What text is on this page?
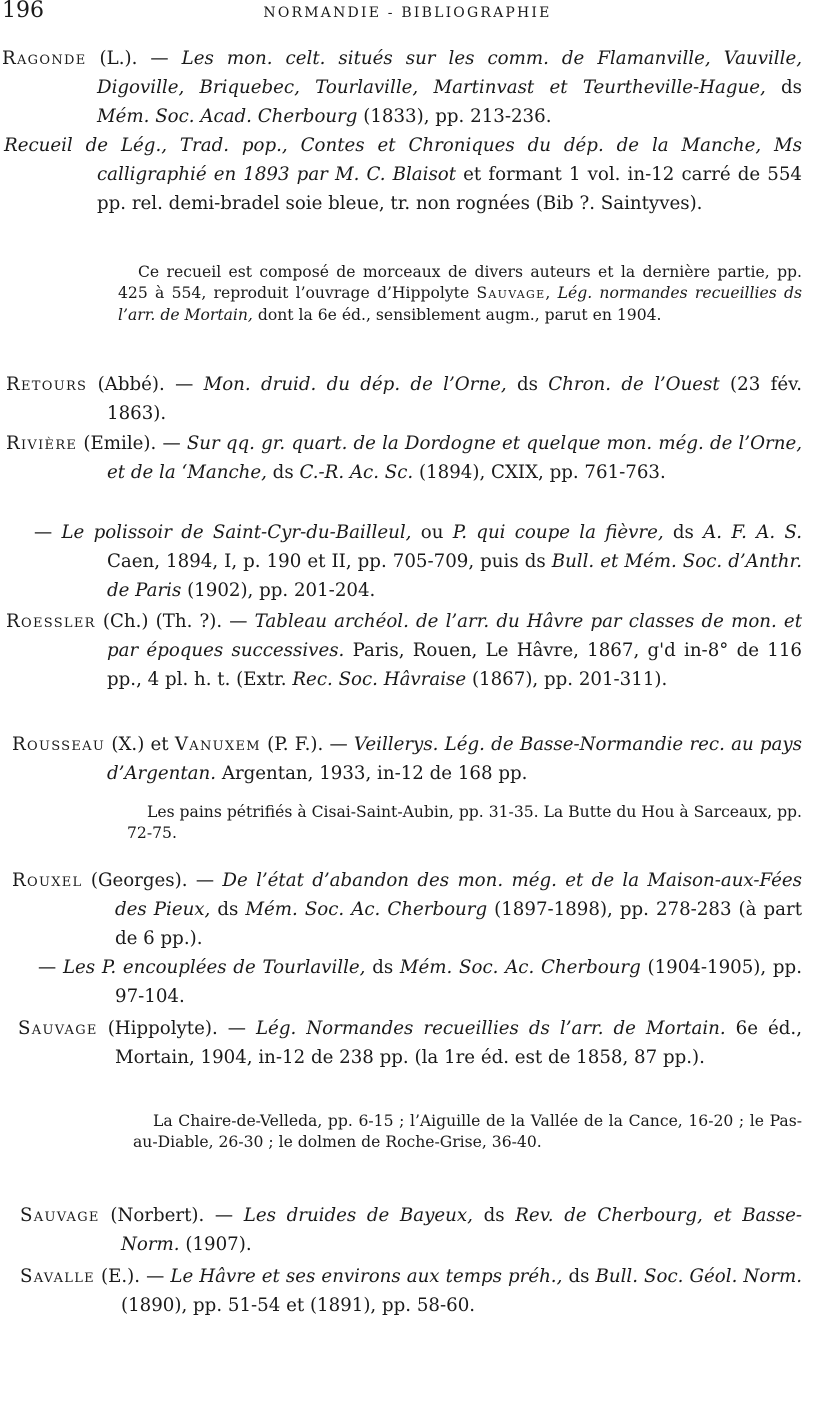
196	NORMANDIE - BIBLIOGRAPHIE
Ragonde (L.). — Les mon. celt. situés sur les comm. de Flamanville, Vauville, Digoville, Briquebec, Tourlaville, Martinvast et Teurtheville-Hague, ds Mém. Soc. Acad. Cherbourg (1833), pp. 213-236.
Recueil de Lég., Trad. pop., Contes et Chroniques du dép. de la Manche, Ms calligraphié en 1893 par M. C. Blaisot et formant 1 vol. in-12 carré de 554 pp. rel. demi-bradel soie bleue, tr. non rognées (Bib ?. Saintyves).
Ce recueil est composé de morceaux de divers auteurs et la dernière partie, pp. 425 à 554, reproduit l’ouvrage d’Hippolyte Sauvage, Lég. normandes recueillies ds l’arr. de Mortain, dont la 6e éd., sensiblement augm., parut en 1904.
Retours (Abbé). — Mon. druid. du dép. de l’Orne, ds Chron. de l’Ouest (23 fév. 1863).
Rivière (Emile). — Sur qq. gr. quart. de la Dordogne et quelque mon. még. de l’Orne, et de la ‘Manche, ds C.-R. Ac. Sc. (1894), CXIX, pp. 761-763.
— Le polissoir de Saint-Cyr-du-Bailleul, ou P. qui coupe la fièvre, ds A. F. A. S. Caen, 1894, I, p. 190 et II, pp. 705-709, puis ds Bull. et Mém. Soc. d’Anthr. de Paris (1902), pp. 201-204.
Roessler (Ch.) (Th. ?). — Tableau archéol. de l’arr. du Hâvre par classes de mon. et par époques successives. Paris, Rouen, Le Hâvre, 1867, g'd in-8° de 116 pp., 4 pl. h. t. (Extr. Rec. Soc. Hâvraise (1867), pp. 201-311).
Rousseau (X.) et Vanuxem (P. F.). — Veillerys. Lég. de Basse-Normandie rec. au pays d’Argentan. Argentan, 1933, in-12 de 168 pp.
Les pains pétrifiés à Cisai-Saint-Aubin, pp. 31-35. La Butte du Hou à Sarceaux, pp. 72-75.
Rouxel (Georges). — De l’état d’abandon des mon. még. et de la Maison-aux-Fées des Pieux, ds Mém. Soc. Ac. Cherbourg (1897-1898), pp. 278-283 (à part de 6 pp.).
— Les P. encouplées de Tourlaville, ds Mém. Soc. Ac. Cherbourg (1904-1905), pp. 97-104.
Sauvage (Hippolyte). — Lég. Normandes recueillies ds l’arr. de Mortain. 6e éd., Mortain, 1904, in-12 de 238 pp. (la 1re éd. est de 1858, 87 pp.).
La Chaire-de-Velleda, pp. 6-15 ; l’Aiguille de la Vallée de la Cance, 16-20 ; le Pas-au-Diable, 26-30 ; le dolmen de Roche-Grise, 36-40.
Sauvage (Norbert). — Les druides de Bayeux, ds Rev. de Cherbourg, et Basse-Norm. (1907).
Savalle (E.). — Le Hâvre et ses environs aux temps préh., ds Bull. Soc. Géol. Norm. (1890), pp. 51-54 et (1891), pp. 58-60.
